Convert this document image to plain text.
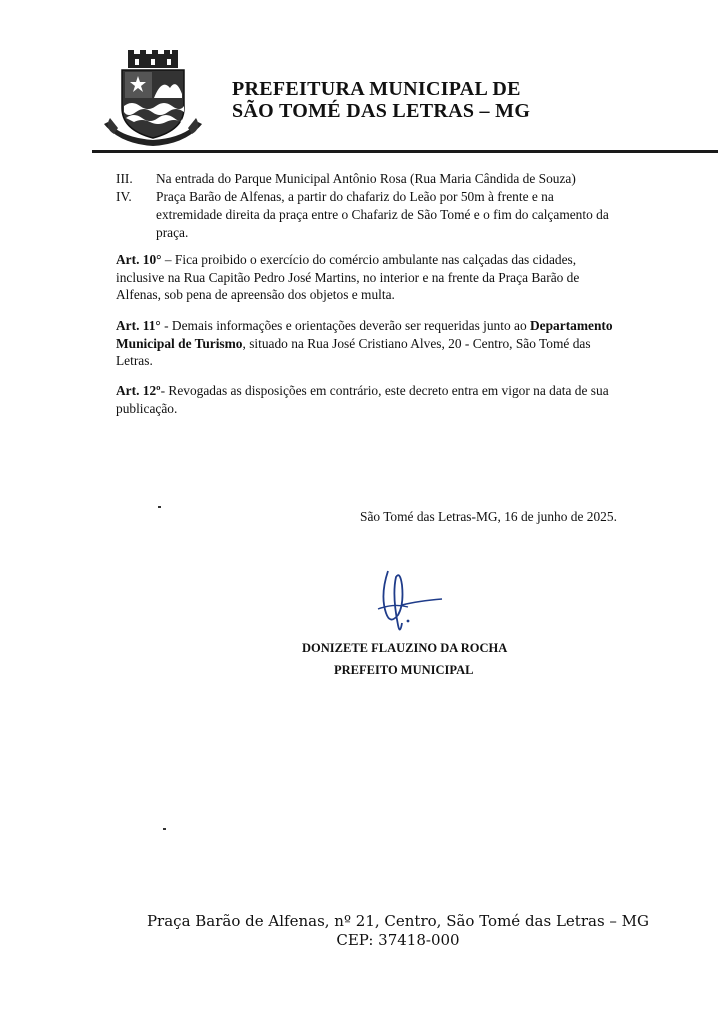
PREFEITURA MUNICIPAL DE
SÃO TOMÉ DAS LETRAS – MG
III. Na entrada do Parque Municipal Antônio Rosa (Rua Maria Cândida de Souza)
IV. Praça Barão de Alfenas, a partir do chafariz do Leão por 50m à frente e na
extremidade direita da praça entre o Chafariz de São Tomé e o fim do calçamento da
praça.
Art. 10° – Fica proibido o exercício do comércio ambulante nas calçadas das cidades,
inclusive na Rua Capitão Pedro José Martins, no interior e na frente da Praça Barão de
Alfenas, sob pena de apreensão dos objetos e multa.
Art. 11° - Demais informações e orientações deverão ser requeridas junto ao Departamento
Municipal de Turismo, situado na Rua José Cristiano Alves, 20 - Centro, São Tomé das
Letras.
Art. 12º- Revogadas as disposições em contrário, este decreto entra em vigor na data de sua
publicação.
São Tomé das Letras-MG, 16 de junho de 2025.
DONIZETE FLAUZINO DA ROCHA
PREFEITO MUNICIPAL
Praça Barão de Alfenas, nº 21, Centro, São Tomé das Letras – MG
CEP: 37418-000
